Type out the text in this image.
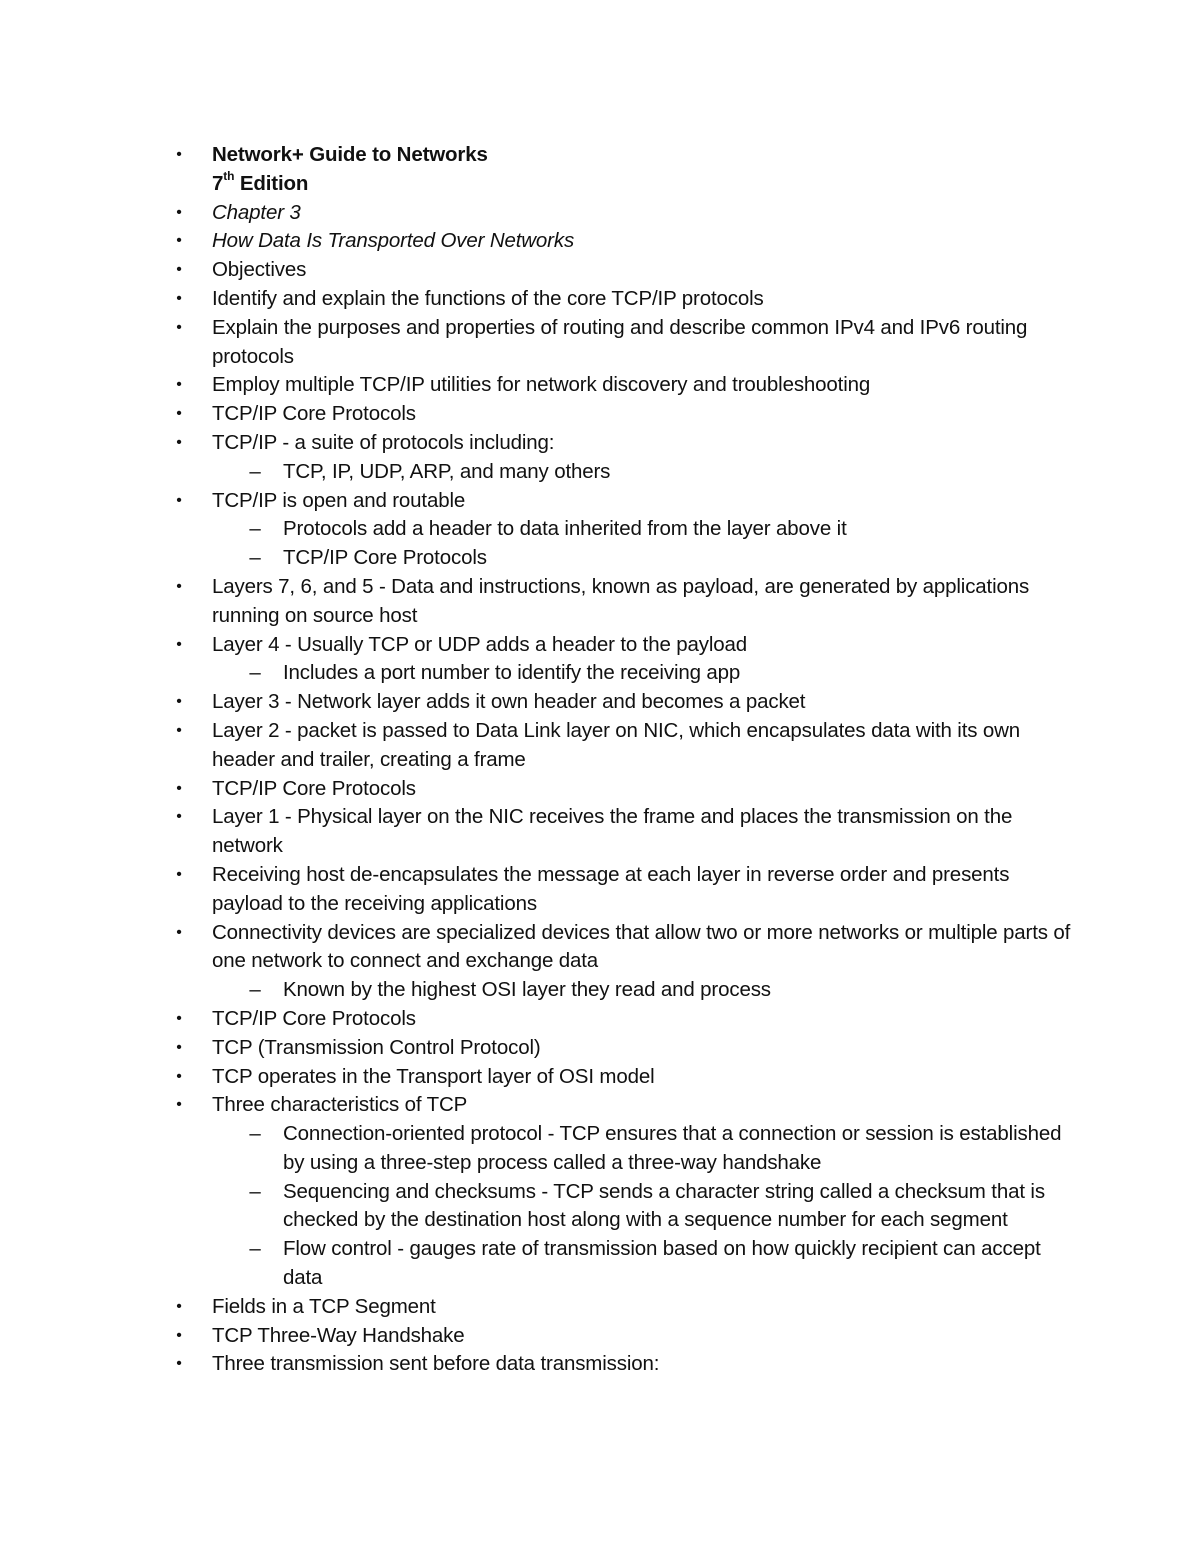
•	Network+ Guide to Networks
7th Edition
•	Chapter 3
•	How Data Is Transported Over Networks
•	Objectives
•	Identify and explain the functions of the core TCP/IP protocols
•	Explain the purposes and properties of routing and describe common IPv4 and IPv6 routing protocols
•	Employ multiple TCP/IP utilities for network discovery and troubleshooting
•	TCP/IP Core Protocols
•	TCP/IP - a suite of protocols including:
– TCP, IP, UDP, ARP, and many others
•	TCP/IP is open and routable
– Protocols add a header to data inherited from the layer above it
– TCP/IP Core Protocols
•	Layers 7, 6, and 5 - Data and instructions, known as payload, are generated by applications running on source host
•	Layer 4 - Usually TCP or UDP adds a header to the payload
– Includes a port number to identify the receiving app
•	Layer 3 - Network layer adds it own header and becomes a packet
•	Layer 2 - packet is passed to Data Link layer on NIC, which encapsulates data with its own header and trailer, creating a frame
•	TCP/IP Core Protocols
•	Layer 1 - Physical layer on the NIC receives the frame and places the transmission on the network
•	Receiving host de-encapsulates the message at each layer in reverse order and presents payload to the receiving applications
•	Connectivity devices are specialized devices that allow two or more networks or multiple parts of one network to connect and exchange data
– Known by the highest OSI layer they read and process
•	TCP/IP Core Protocols
•	TCP (Transmission Control Protocol)
•	TCP operates in the Transport layer of OSI model
•	Three characteristics of TCP
– Connection-oriented protocol - TCP ensures that a connection or session is established by using a three-step process called a three-way handshake
– Sequencing and checksums - TCP sends a character string called a checksum that is checked by the destination host along with a sequence number for each segment
– Flow control - gauges rate of transmission based on how quickly recipient can accept data
•	Fields in a TCP Segment
•	TCP Three-Way Handshake
•	Three transmission sent before data transmission:
